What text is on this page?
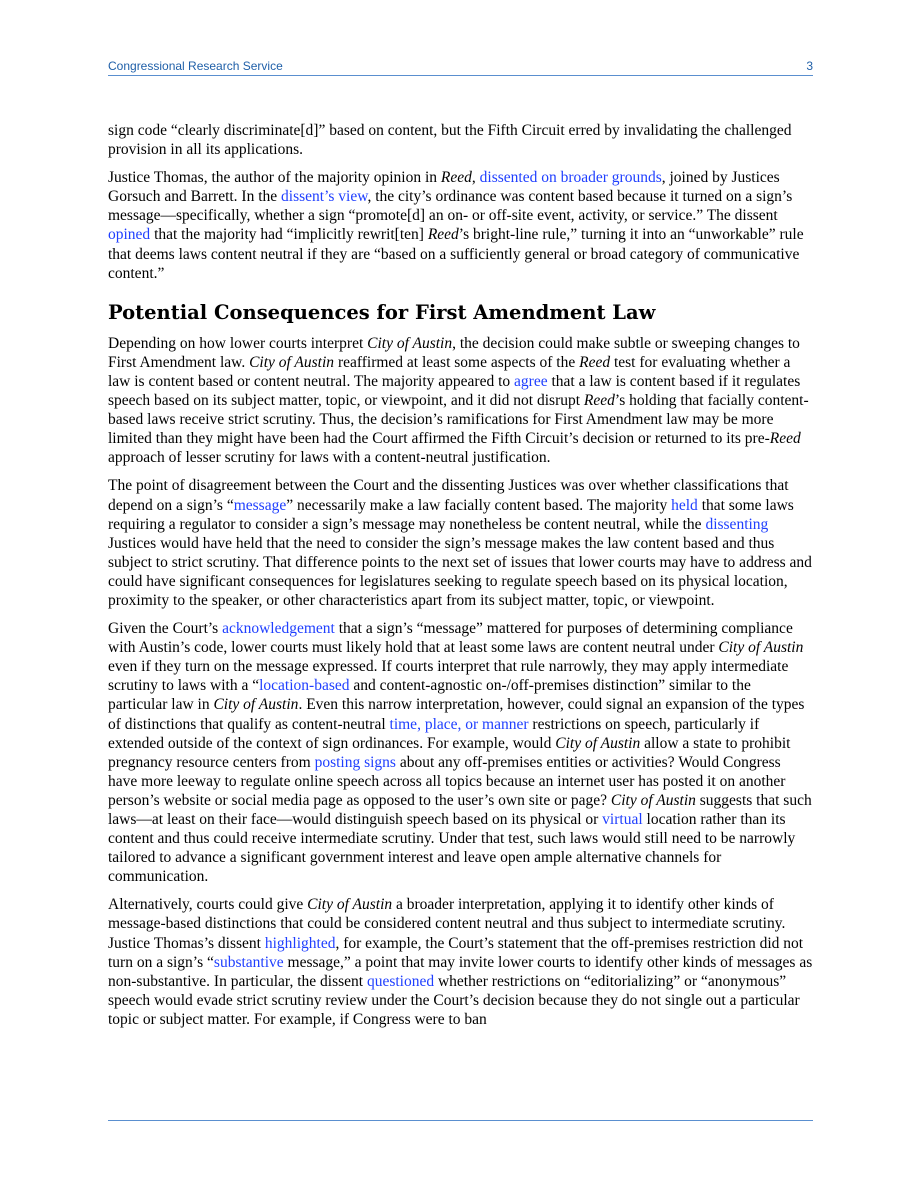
Congressional Research Service	3

sign code “clearly discriminate[d]” based on content, but the Fifth Circuit erred by invalidating the challenged provision in all its applications.

Justice Thomas, the author of the majority opinion in Reed, dissented on broader grounds, joined by Justices Gorsuch and Barrett. In the dissent’s view, the city’s ordinance was content based because it turned on a sign’s message—specifically, whether a sign “promote[d] an on- or off-site event, activity, or service.” The dissent opined that the majority had “implicitly rewrit[ten] Reed’s bright-line rule,” turning it into an “unworkable” rule that deems laws content neutral if they are “based on a sufficiently general or broad category of communicative content.”

Potential Consequences for First Amendment Law

Depending on how lower courts interpret City of Austin, the decision could make subtle or sweeping changes to First Amendment law. City of Austin reaffirmed at least some aspects of the Reed test for evaluating whether a law is content based or content neutral. The majority appeared to agree that a law is content based if it regulates speech based on its subject matter, topic, or viewpoint, and it did not disrupt Reed’s holding that facially content-based laws receive strict scrutiny. Thus, the decision’s ramifications for First Amendment law may be more limited than they might have been had the Court affirmed the Fifth Circuit’s decision or returned to its pre-Reed approach of lesser scrutiny for laws with a content-neutral justification.

The point of disagreement between the Court and the dissenting Justices was over whether classifications that depend on a sign’s “message” necessarily make a law facially content based. The majority held that some laws requiring a regulator to consider a sign’s message may nonetheless be content neutral, while the dissenting Justices would have held that the need to consider the sign’s message makes the law content based and thus subject to strict scrutiny. That difference points to the next set of issues that lower courts may have to address and could have significant consequences for legislatures seeking to regulate speech based on its physical location, proximity to the speaker, or other characteristics apart from its subject matter, topic, or viewpoint.

Given the Court’s acknowledgement that a sign’s “message” mattered for purposes of determining compliance with Austin’s code, lower courts must likely hold that at least some laws are content neutral under City of Austin even if they turn on the message expressed. If courts interpret that rule narrowly, they may apply intermediate scrutiny to laws with a “location-based and content-agnostic on-/off-premises distinction” similar to the particular law in City of Austin. Even this narrow interpretation, however, could signal an expansion of the types of distinctions that qualify as content-neutral time, place, or manner restrictions on speech, particularly if extended outside of the context of sign ordinances. For example, would City of Austin allow a state to prohibit pregnancy resource centers from posting signs about any off-premises entities or activities? Would Congress have more leeway to regulate online speech across all topics because an internet user has posted it on another person’s website or social media page as opposed to the user’s own site or page? City of Austin suggests that such laws—at least on their face—would distinguish speech based on its physical or virtual location rather than its content and thus could receive intermediate scrutiny. Under that test, such laws would still need to be narrowly tailored to advance a significant government interest and leave open ample alternative channels for communication.

Alternatively, courts could give City of Austin a broader interpretation, applying it to identify other kinds of message-based distinctions that could be considered content neutral and thus subject to intermediate scrutiny. Justice Thomas’s dissent highlighted, for example, the Court’s statement that the off-premises restriction did not turn on a sign’s “substantive message,” a point that may invite lower courts to identify other kinds of messages as non-substantive. In particular, the dissent questioned whether restrictions on “editorializing” or “anonymous” speech would evade strict scrutiny review under the Court’s decision because they do not single out a particular topic or subject matter. For example, if Congress were to ban
